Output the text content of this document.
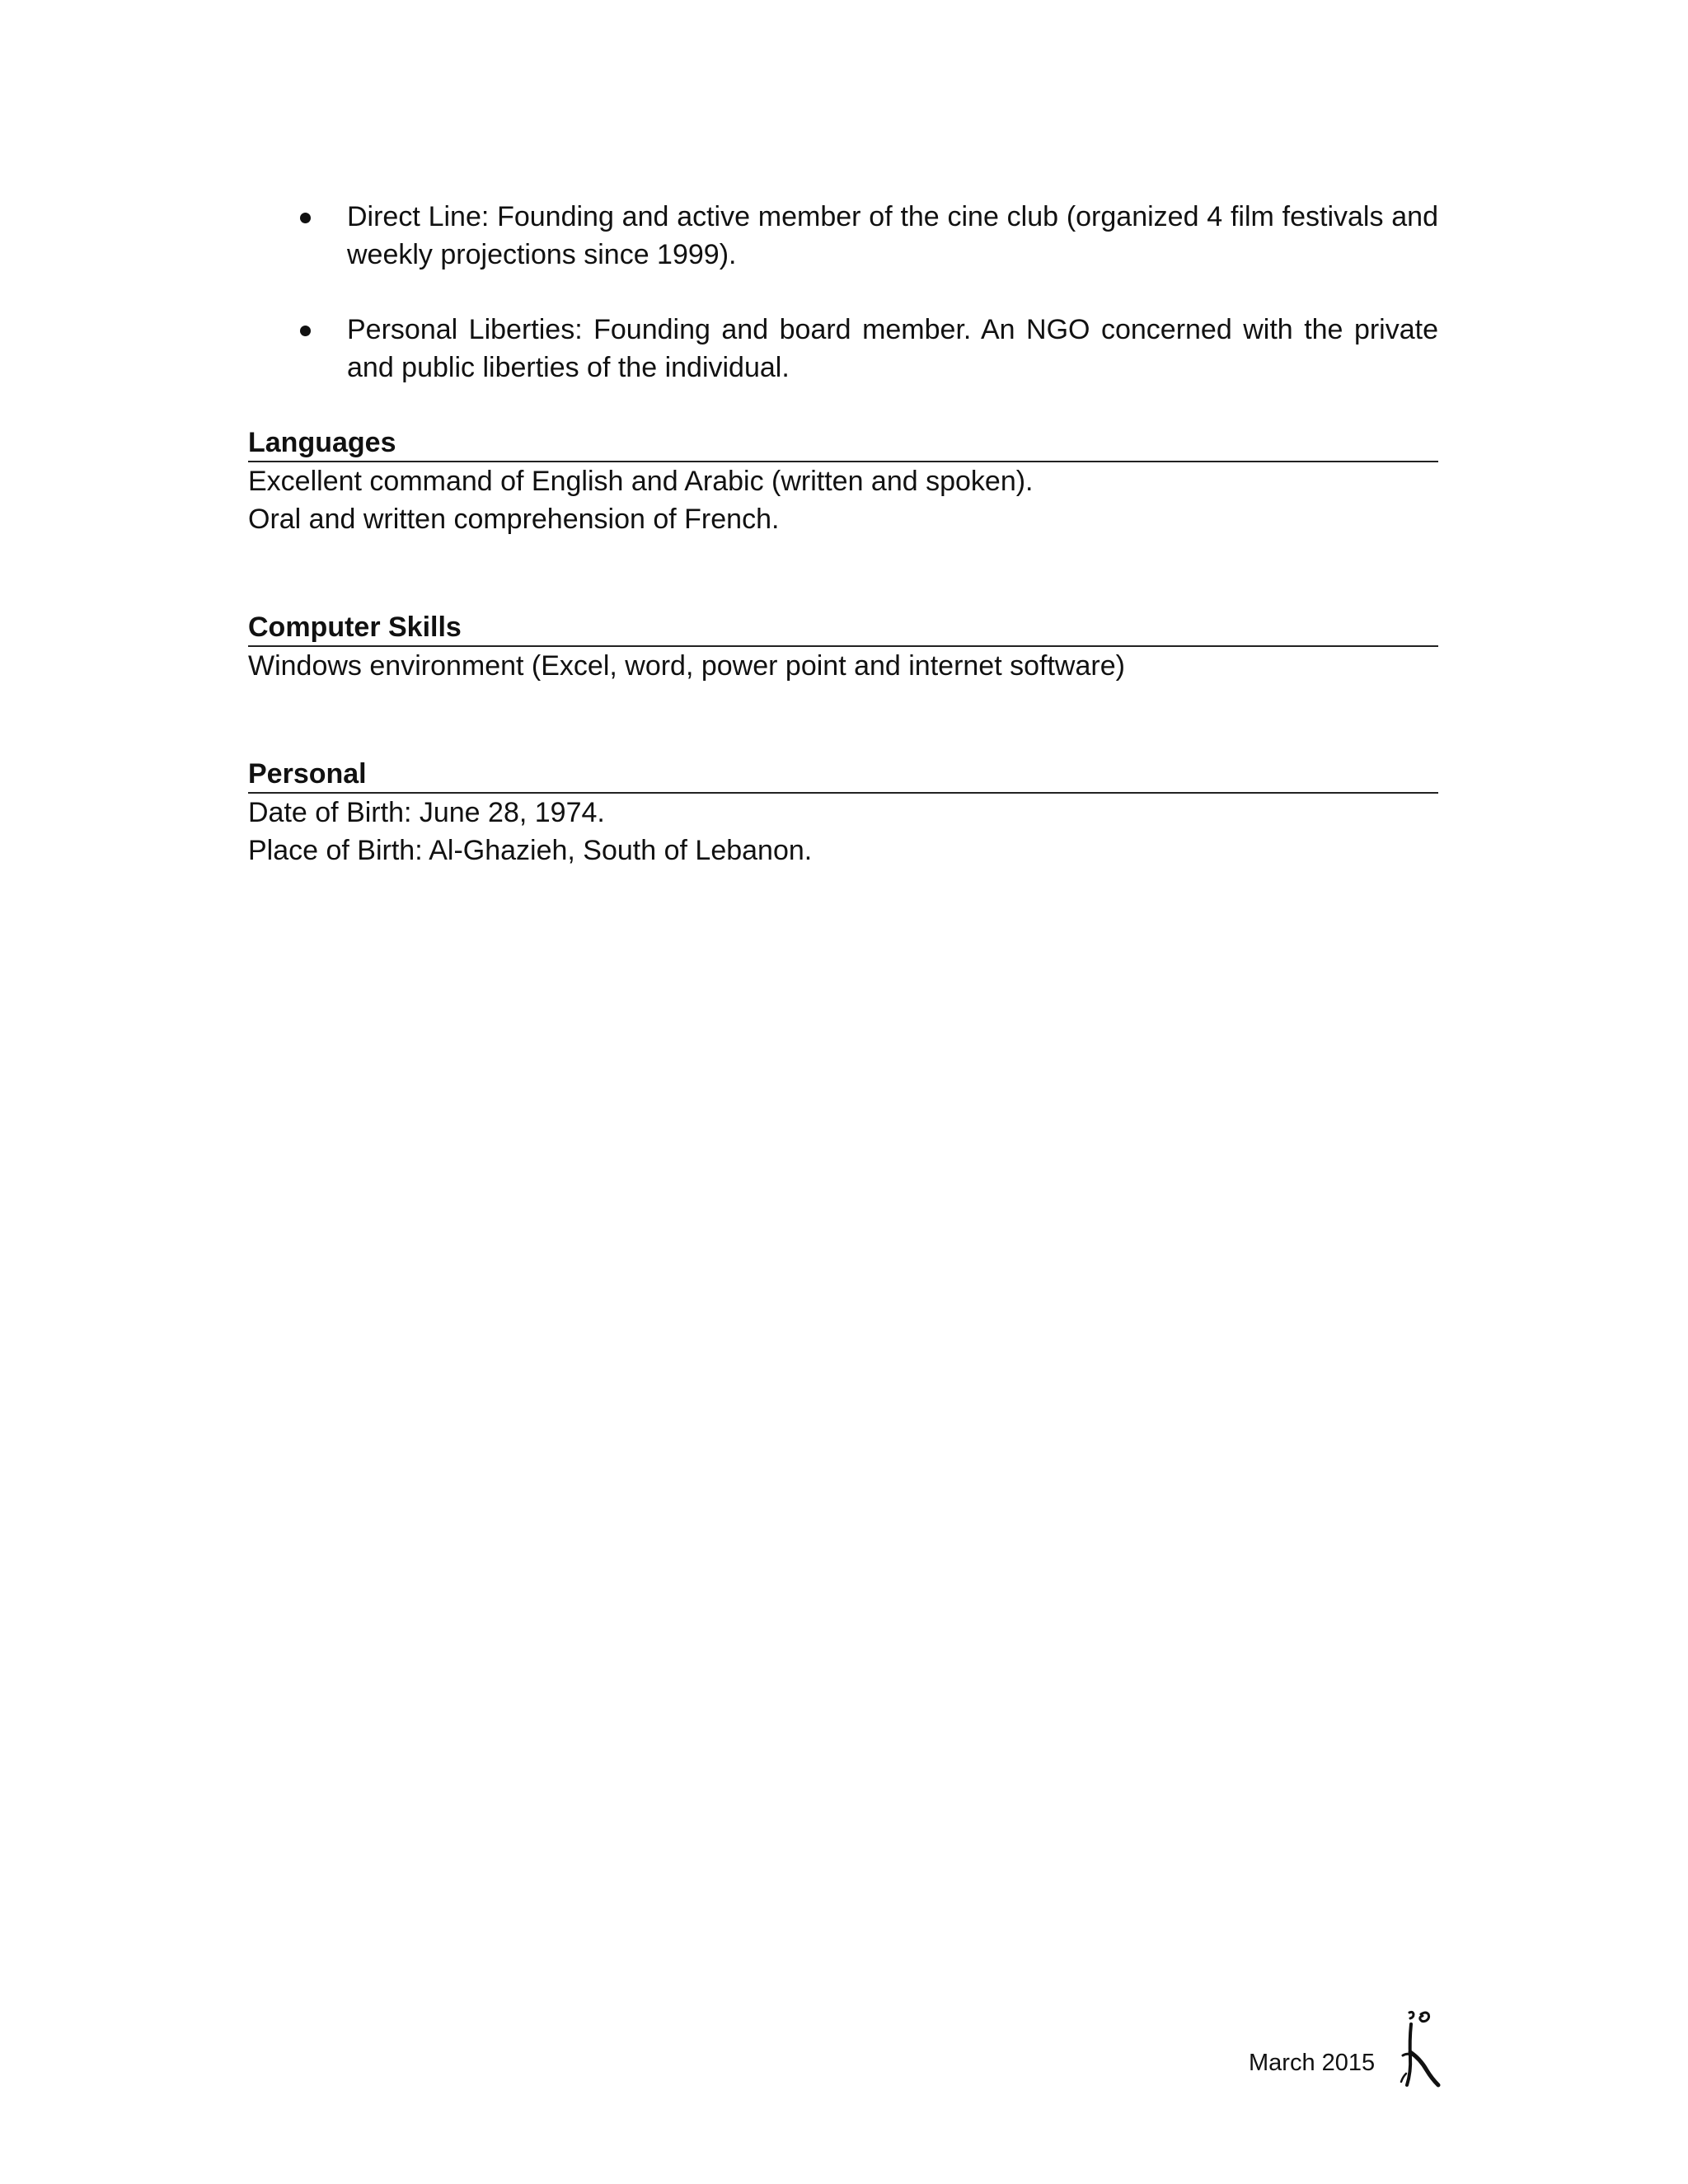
Direct Line: Founding and active member of the cine club (organized 4 film festivals and weekly projections since 1999).
Personal Liberties: Founding and board member. An NGO concerned with the private and public liberties of the individual.
Languages

Excellent command of English and Arabic (written and spoken).

Oral and written comprehension of French.

Computer Skills

Windows environment (Excel, word, power point and internet software)

Personal

Date of Birth: June 28, 1974.

Place of Birth: Al-Ghazieh, South of Lebanon.

March 2015
